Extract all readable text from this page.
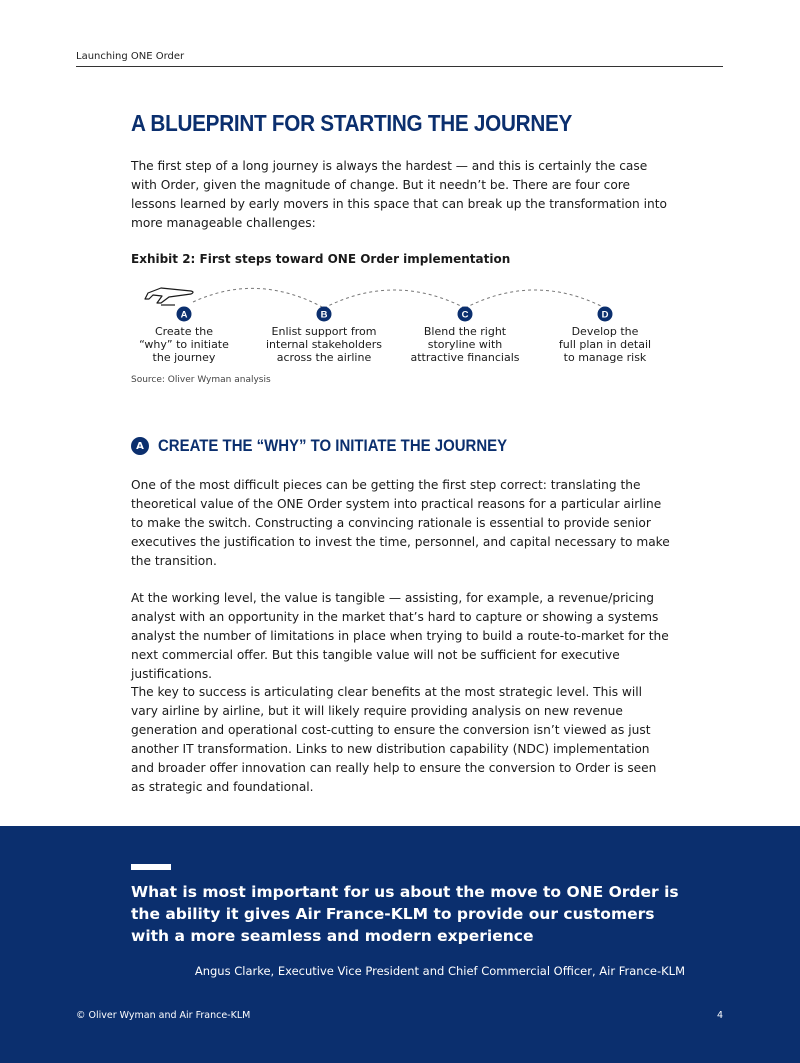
Launching ONE Order
A BLUEPRINT FOR STARTING THE JOURNEY

The first step of a long journey is always the hardest — and this is certainly the case with Order, given the magnitude of change. But it needn’t be. There are four core lessons learned by early movers in this space that can break up the transformation into more manageable challenges:

Exhibit 2: First steps toward ONE Order implementation
A	B	C	D
Create the
“why” to initiate
the journey
Enlist support from
internal stakeholders
across the airline
Blend the right
storyline with
attractive financials
Develop the
full plan in detail
to manage risk
Source: Oliver Wyman analysis
A CREATE THE “WHY” TO INITIATE THE JOURNEY

One of the most difficult pieces can be getting the first step correct: translating the theoretical value of the ONE Order system into practical reasons for a particular airline to make the switch. Constructing a convincing rationale is essential to provide senior executives the justification to invest the time, personnel, and capital necessary to make the transition.

At the working level, the value is tangible — assisting, for example, a revenue/pricing analyst with an opportunity in the market that’s hard to capture or showing a systems analyst the number of limitations in place when trying to build a route-to-market for the next commercial offer. But this tangible value will not be sufficient for executive justifications.

The key to success is articulating clear benefits at the most strategic level. This will vary airline by airline, but it will likely require providing analysis on new revenue generation and operational cost-cutting to ensure the conversion isn’t viewed as just another IT transformation. Links to new distribution capability (NDC) implementation and broader offer innovation can really help to ensure the conversion to Order is seen as strategic and foundational.

What is most important for us about the move to ONE Order is the ability it gives Air France-KLM to provide our customers with a more seamless and modern experience

Angus Clarke, Executive Vice President and Chief Commercial Officer, Air France-KLM
© Oliver Wyman and Air France-KLM	4
